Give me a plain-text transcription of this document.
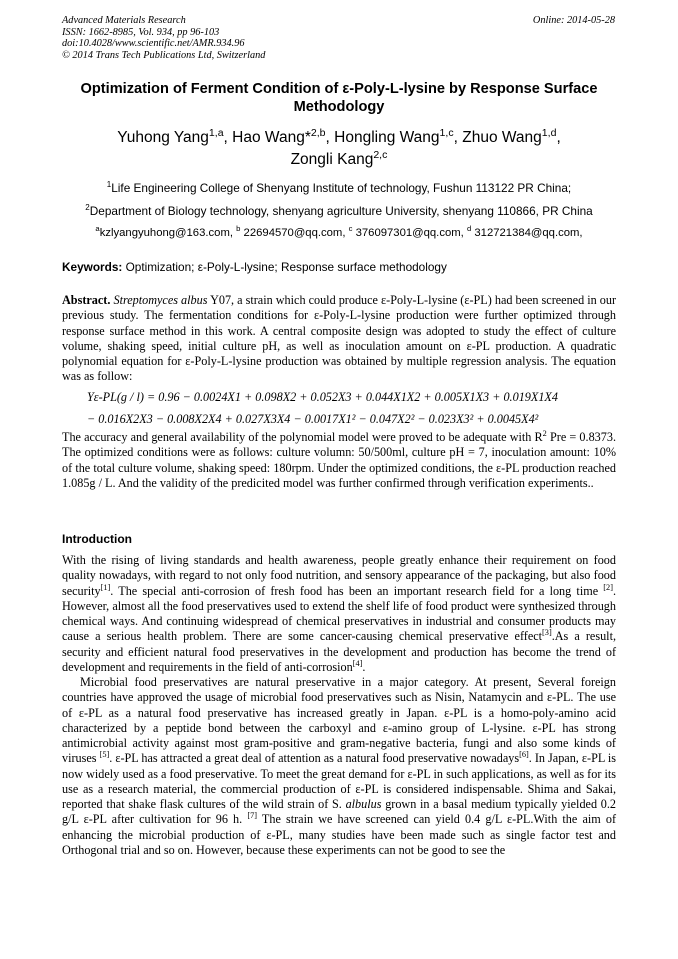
Advanced Materials Research
ISSN: 1662-8985, Vol. 934, pp 96-103
doi:10.4028/www.scientific.net/AMR.934.96
© 2014 Trans Tech Publications Ltd, Switzerland
Online: 2014-05-28
Optimization of Ferment Condition of ε-Poly-L-lysine by Response Surface Methodology
Yuhong Yang$^{1,a}$, Hao Wang*$^{2,b}$, Hongling Wang$^{1,c}$, Zhuo Wang$^{1,d}$,
Zongli Kang$^{2,c}$
$^1$Life Engineering College of Shenyang Institute of technology, Fushun 113122 PR China;
$^2$Department of Biology technology, shenyang agriculture University, shenyang 110866, PR China
$^a$kzlyangyuhong@163.com, $^b$ 22694570@qq.com, $^c$ 376097301@qq.com, $^d$ 312721384@qq.com,
Keywords: Optimization; ε-Poly-L-lysine; Response surface methodology
Abstract. Streptomyces albus Y07, a strain which could produce ε-Poly-L-lysine (ε-PL) had been screened in our previous study. The fermentation conditions for ε-Poly-L-lysine production were further optimized through response surface method in this work. A central composite design was adopted to study the effect of culture volume, shaking speed, initial culture pH, as well as inoculation amount on ε-PL production. A quadratic polynomial equation for ε-Poly-L-lysine production was obtained by multiple regression analysis. The equation was as follow:
Yε-PL(g / l) = 0.96 − 0.0024X1 + 0.098X2 + 0.052X3 + 0.044X1X2 + 0.005X1X3 + 0.019X1X4
− 0.016X2X3 − 0.008X2X4 + 0.027X3X4 − 0.0017X1² − 0.047X2² − 0.023X3² + 0.0045X4²
The accuracy and general availability of the polynomial model were proved to be adequate with $R^2$ Pre = 0.8373. The optimized conditions were as follows: culture volumn: 50/500ml, culture pH = 7, inoculation amount: 10% of the total culture volume, shaking speed: 180rpm. Under the optimized conditions, the ε-PL production reached 1.085g / L. And the validity of the predicited model was further confirmed through verification experiments..
Introduction

With the rising of living standards and health awareness, people greatly enhance their requirement on food quality nowadays, with regard to not only food nutrition, and sensory appearance of the packaging, but also food security[1]. The special anti-corrosion of fresh food has been an important research field for a long time [2]. However, almost all the food preservatives used to extend the shelf life of food product were synthesized through chemical ways. And continuing widespread of chemical preservatives in industrial and consumer products may cause a serious health problem. There are some cancer-causing chemical preservative effect[3].As a result, security and efficient natural food preservatives in the development and production has become the trend of development and requirements in the field of anti-corrosion[4].

Microbial food preservatives are natural preservative in a major category. At present, Several foreign countries have approved the usage of microbial food preservatives such as Nisin, Natamycin and ε-PL. The use of ε-PL as a natural food preservative has increased greatly in Japan. ε-PL is a homo-poly-amino acid characterized by a peptide bond between the carboxyl and ε-amino group of L-lysine. ε-PL has strong antimicrobial activity against most gram-positive and gram-negative bacteria, fungi and also some kinds of viruses [5]. ε-PL has attracted a great deal of attention as a natural food preservative nowadays[6]. In Japan, ε-PL is now widely used as a food preservative. To meet the great demand for ε-PL in such applications, as well as for its use as a research material, the commercial production of ε-PL is considered indispensable. Shima and Sakai, reported that shake flask cultures of the wild strain of S. albulus grown in a basal medium typically yielded 0.2 g/L ε-PL after cultivation for 96 h. [7] The strain we have screened can yield 0.4 g/L ε-PL.With the aim of enhancing the microbial production of ε-PL, many studies have been made such as single factor test and Orthogonal trial and so on. However, because these experiments can not be good to see the
